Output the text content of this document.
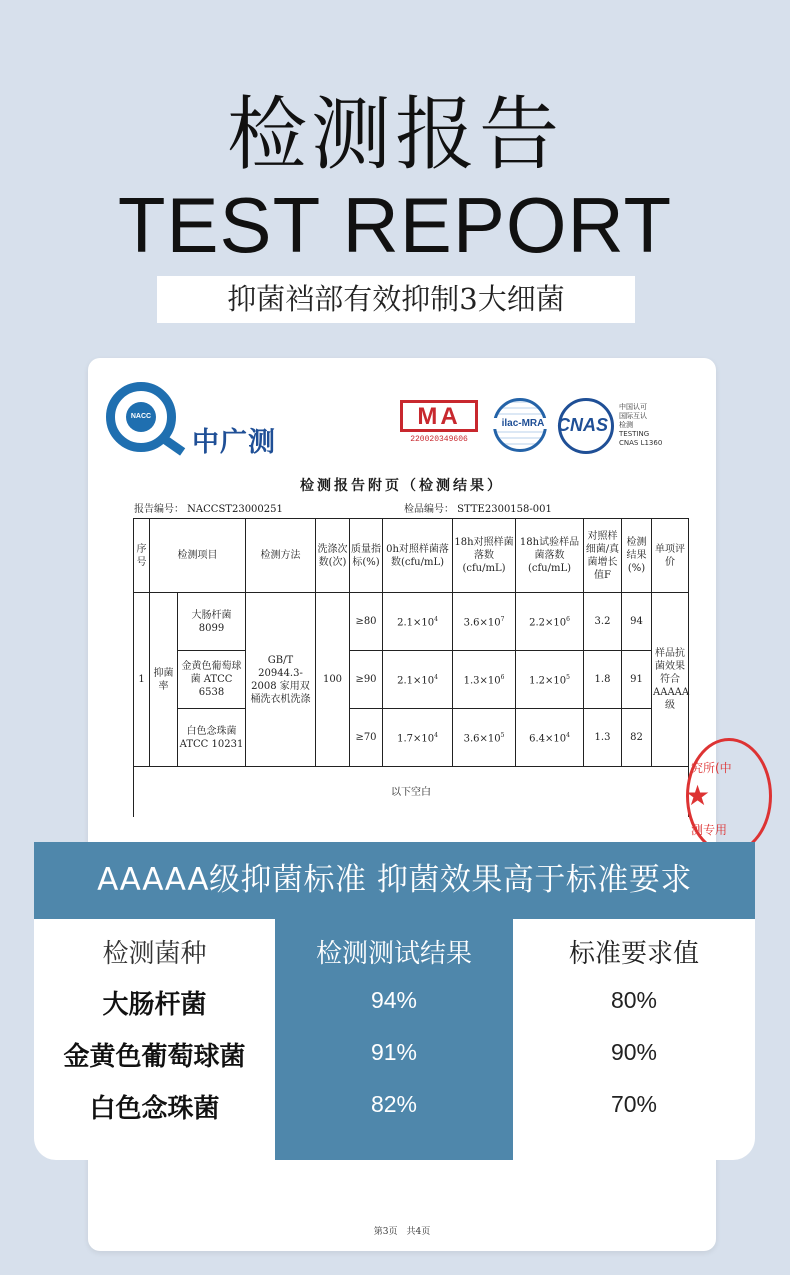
检测报告
TEST REPORT
抑菌裆部有效抑制3大细菌
NACC
中广测
MA
220020349606
ilac-MRA CNAS
中国认可
国际互认
检测
TESTING
CNAS L1360
检测报告附页（检测结果）
报告编号： NACCST23000251	检品编号： STTE2300158-001
序号	检测项目		检测方法	洗涤次数(次)	质量指标(%)	0h对照样菌落数(cfu/mL)	18h对照样菌落数(cfu/mL)	18h试验样品菌落数(cfu/mL)	对照样细菌/真菌增长值F	检测结果(%)	单项评价
1	抑菌率	大肠杆菌 8099	GB/T 20944.3-2008 家用双桶洗衣机洗涤	100	≥80	$2.1\times 10^4$	$3.6\times 10^7$	$2.2\times 10^6$	3.2	94	样品抗菌效果符合AAAAA级
		金黄色葡萄球菌 ATCC 6538			≥90	$2.1\times 10^4$	$1.3\times 10^6$	$1.2\times 10^5$	1.8	91	
		白色念珠菌 ATCC 10231			≥70	$1.7\times 10^4$	$3.6\times 10^5$	$6.4\times 10^4$	1.3	82	
以下空白											
究所(中
★
测专用
第3页　共4页
AAAAA级抑菌标准 抑菌效果高于标准要求
检测菌种	检测测试结果	标准要求值
大肠杆菌	94%	80%
金黄色葡萄球菌	91%	90%
白色念珠菌	82%	70%
